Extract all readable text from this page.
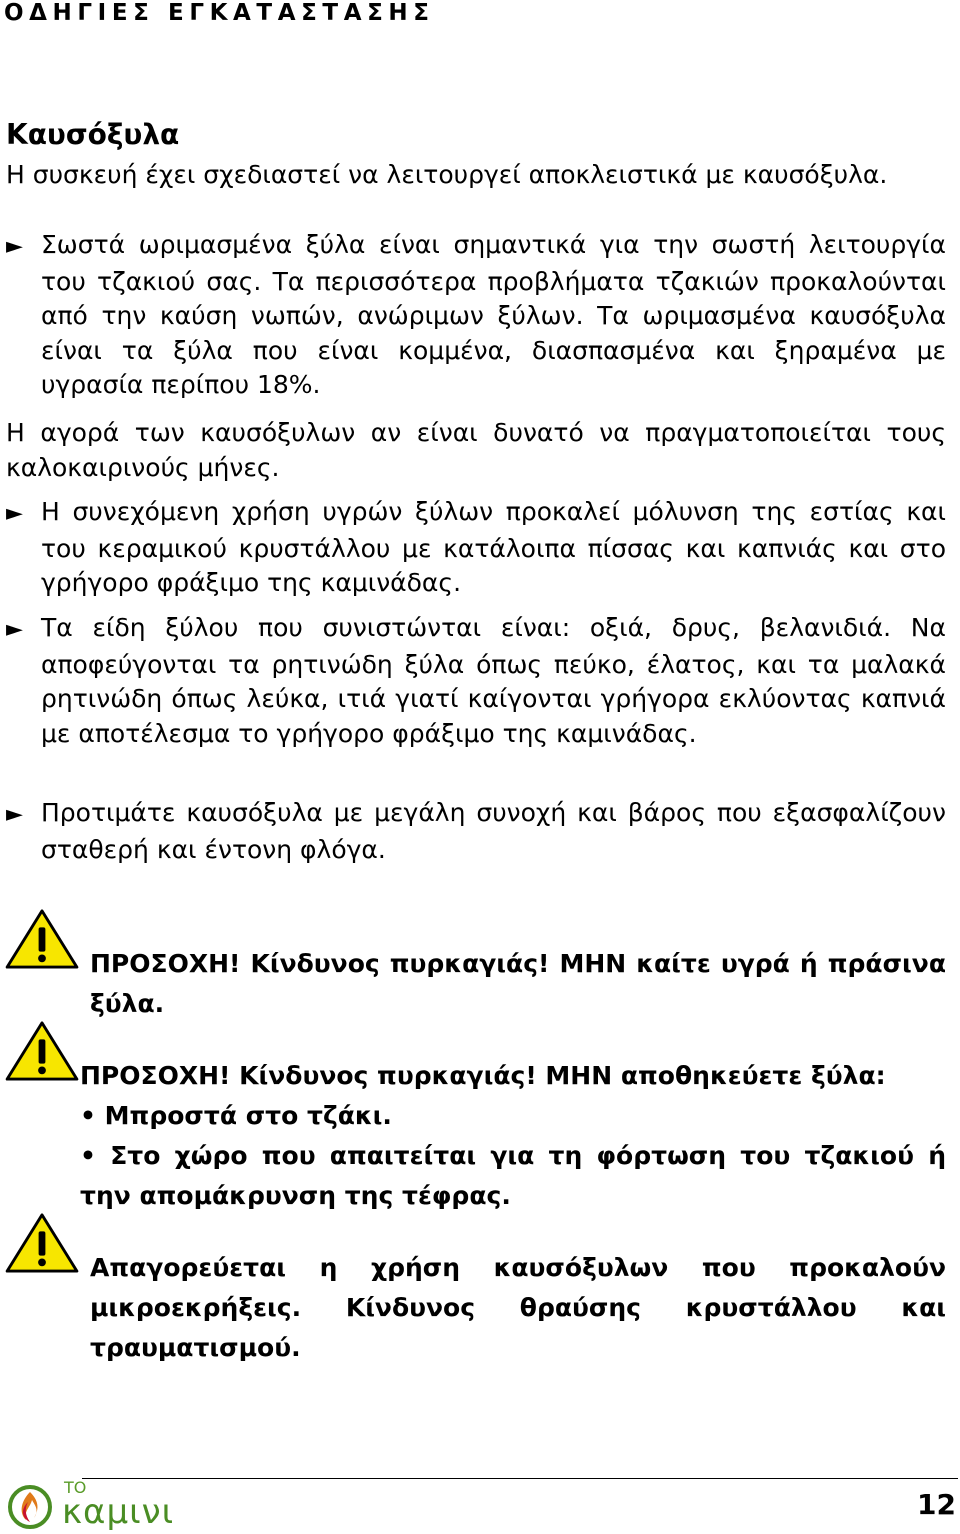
ΟΔΗΓΙΕΣ ΕΓΚΑΤΑΣΤΑΣΗΣ
Καυσόξυλα
Η συσκευή έχει σχεδιαστεί να λειτουργεί αποκλειστικά με καυσόξυλα.
► Σωστά ωριμασμένα ξύλα είναι σημαντικά για την σωστή λειτουργία του τζακιού σας. Τα περισσότερα προβλήματα τζακιών προκαλούνται από την καύση νωπών, ανώριμων ξύλων. Τα ωριμασμένα καυσόξυλα είναι τα ξύλα που είναι κομμένα, διασπασμένα και ξηραμένα με υγρασία περίπου 18%.
Η αγορά των καυσόξυλων αν είναι δυνατό να πραγματοποιείται τους καλοκαιρινούς μήνες.
► Η συνεχόμενη χρήση υγρών ξύλων προκαλεί μόλυνση της εστίας και του κεραμικού κρυστάλλου με κατάλοιπα πίσσας και καπνιάς και στο γρήγορο φράξιμο της καμινάδας.
► Τα είδη ξύλου που συνιστώνται είναι: οξιά, δρυς, βελανιδιά. Να αποφεύγονται τα ρητινώδη ξύλα όπως πεύκο, έλατος, και τα μαλακά ρητινώδη όπως λεύκα, ιτιά γιατί καίγονται γρήγορα εκλύοντας καπνιά με αποτέλεσμα το γρήγορο φράξιμο της καμινάδας.
► Προτιμάτε καυσόξυλα με μεγάλη συνοχή και βάρος που εξασφαλίζουν σταθερή και έντονη φλόγα.
ΠΡΟΣΟΧΗ! Κίνδυνος πυρκαγιάς! ΜΗΝ καίτε υγρά ή πράσινα ξύλα.
ΠΡΟΣΟΧΗ! Κίνδυνος πυρκαγιάς! ΜΗΝ αποθηκεύετε ξύλα:
• Μπροστά στο τζάκι.
• Στο χώρο που απαιτείται για τη φόρτωση του τζακιού ή την απομάκρυνση της τέφρας.
Απαγορεύεται η χρήση καυσόξυλων που προκαλούν μικροεκρήξεις. Κίνδυνος θραύσης κρυστάλλου και τραυματισμού.
ΤΟ
καμινι	12
